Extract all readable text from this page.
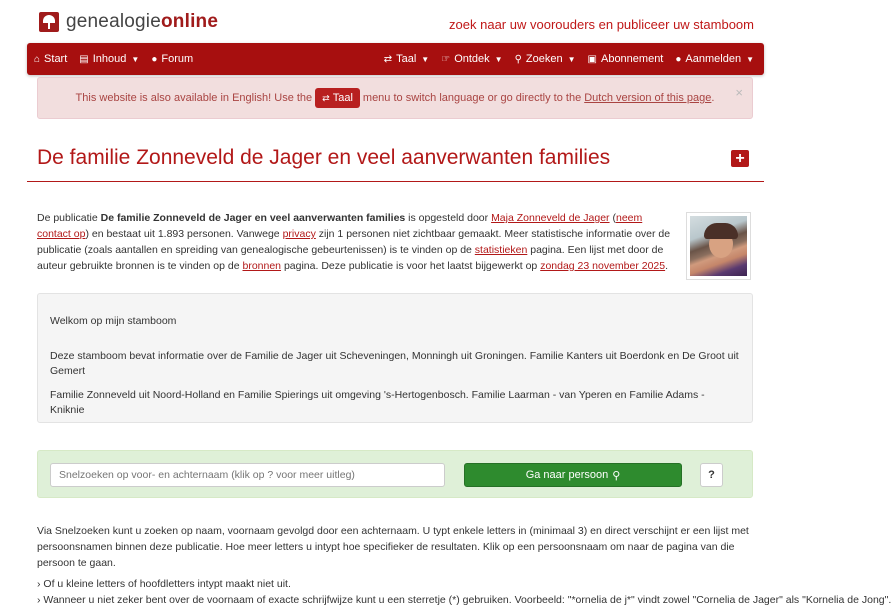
genealogieonline	zoek naar uw voorouders en publiceer uw stamboom
⌂ Start ▤ Inhoud ▼ ● Forum	⇄ Taal ▼ ☞ Ontdek ▼ ⚲ Zoeken ▼ ▣ Abonnement ● Aanmelden ▼
This website is also available in English! Use the ⇄ Taal menu to switch language or go directly to the Dutch version of this page . ×
De familie Zonneveld de Jager en veel aanverwanten families	+
De publicatie De familie Zonneveld de Jager en veel aanverwanten families is opgesteld door Majа Zonneveld de Jager (neem contact op) en bestaat uit 1.893 personen. Vanwege privacy zijn 1 personen niet zichtbaar gemaakt. Meer statistische informatie over de publicatie (zoals aantallen en spreiding van genealogische gebeurtenissen) is te vinden op de statistieken pagina. Een lijst met door de auteur gebruikte bronnen is te vinden op de bronnen pagina. Deze publicatie is voor het laatst bijgewerkt op zondag 23 november 2025.

Welkom op mijn stamboom

Deze stamboom bevat informatie over de Familie de Jager uit Scheveningen, Monningh uit Groningen. Familie Kanters uit Boerdonk en De Groot uit Gemert

Familie Zonneveld uit Noord-Holland en Familie Spierings uit omgeving 's-Hertogenbosch. Familie Laarman - van Yperen en Familie Adams - Kniknie

Snelzoeken op voor- en achternaam (klik op ? voor meer uitleg)
Ga naar persoon ⚲	?
Via Snelzoeken kunt u zoeken op naam, voornaam gevolgd door een achternaam. U typt enkele letters in (minimaal 3) en direct verschijnt er een lijst met persoonsnamen binnen deze publicatie. Hoe meer letters u intypt hoe specifieker de resultaten. Klik op een persoonsnaam om naar de pagina van die persoon te gaan.
› Of u kleine letters of hoofdletters intypt maakt niet uit.
› Wanneer u niet zeker bent over de voornaam of exacte schrijfwijze kunt u een sterretje (*) gebruiken. Voorbeeld: "*ornelia de j*" vindt zowel "Cornelia de Jager" als "Kornelia de Jong".
